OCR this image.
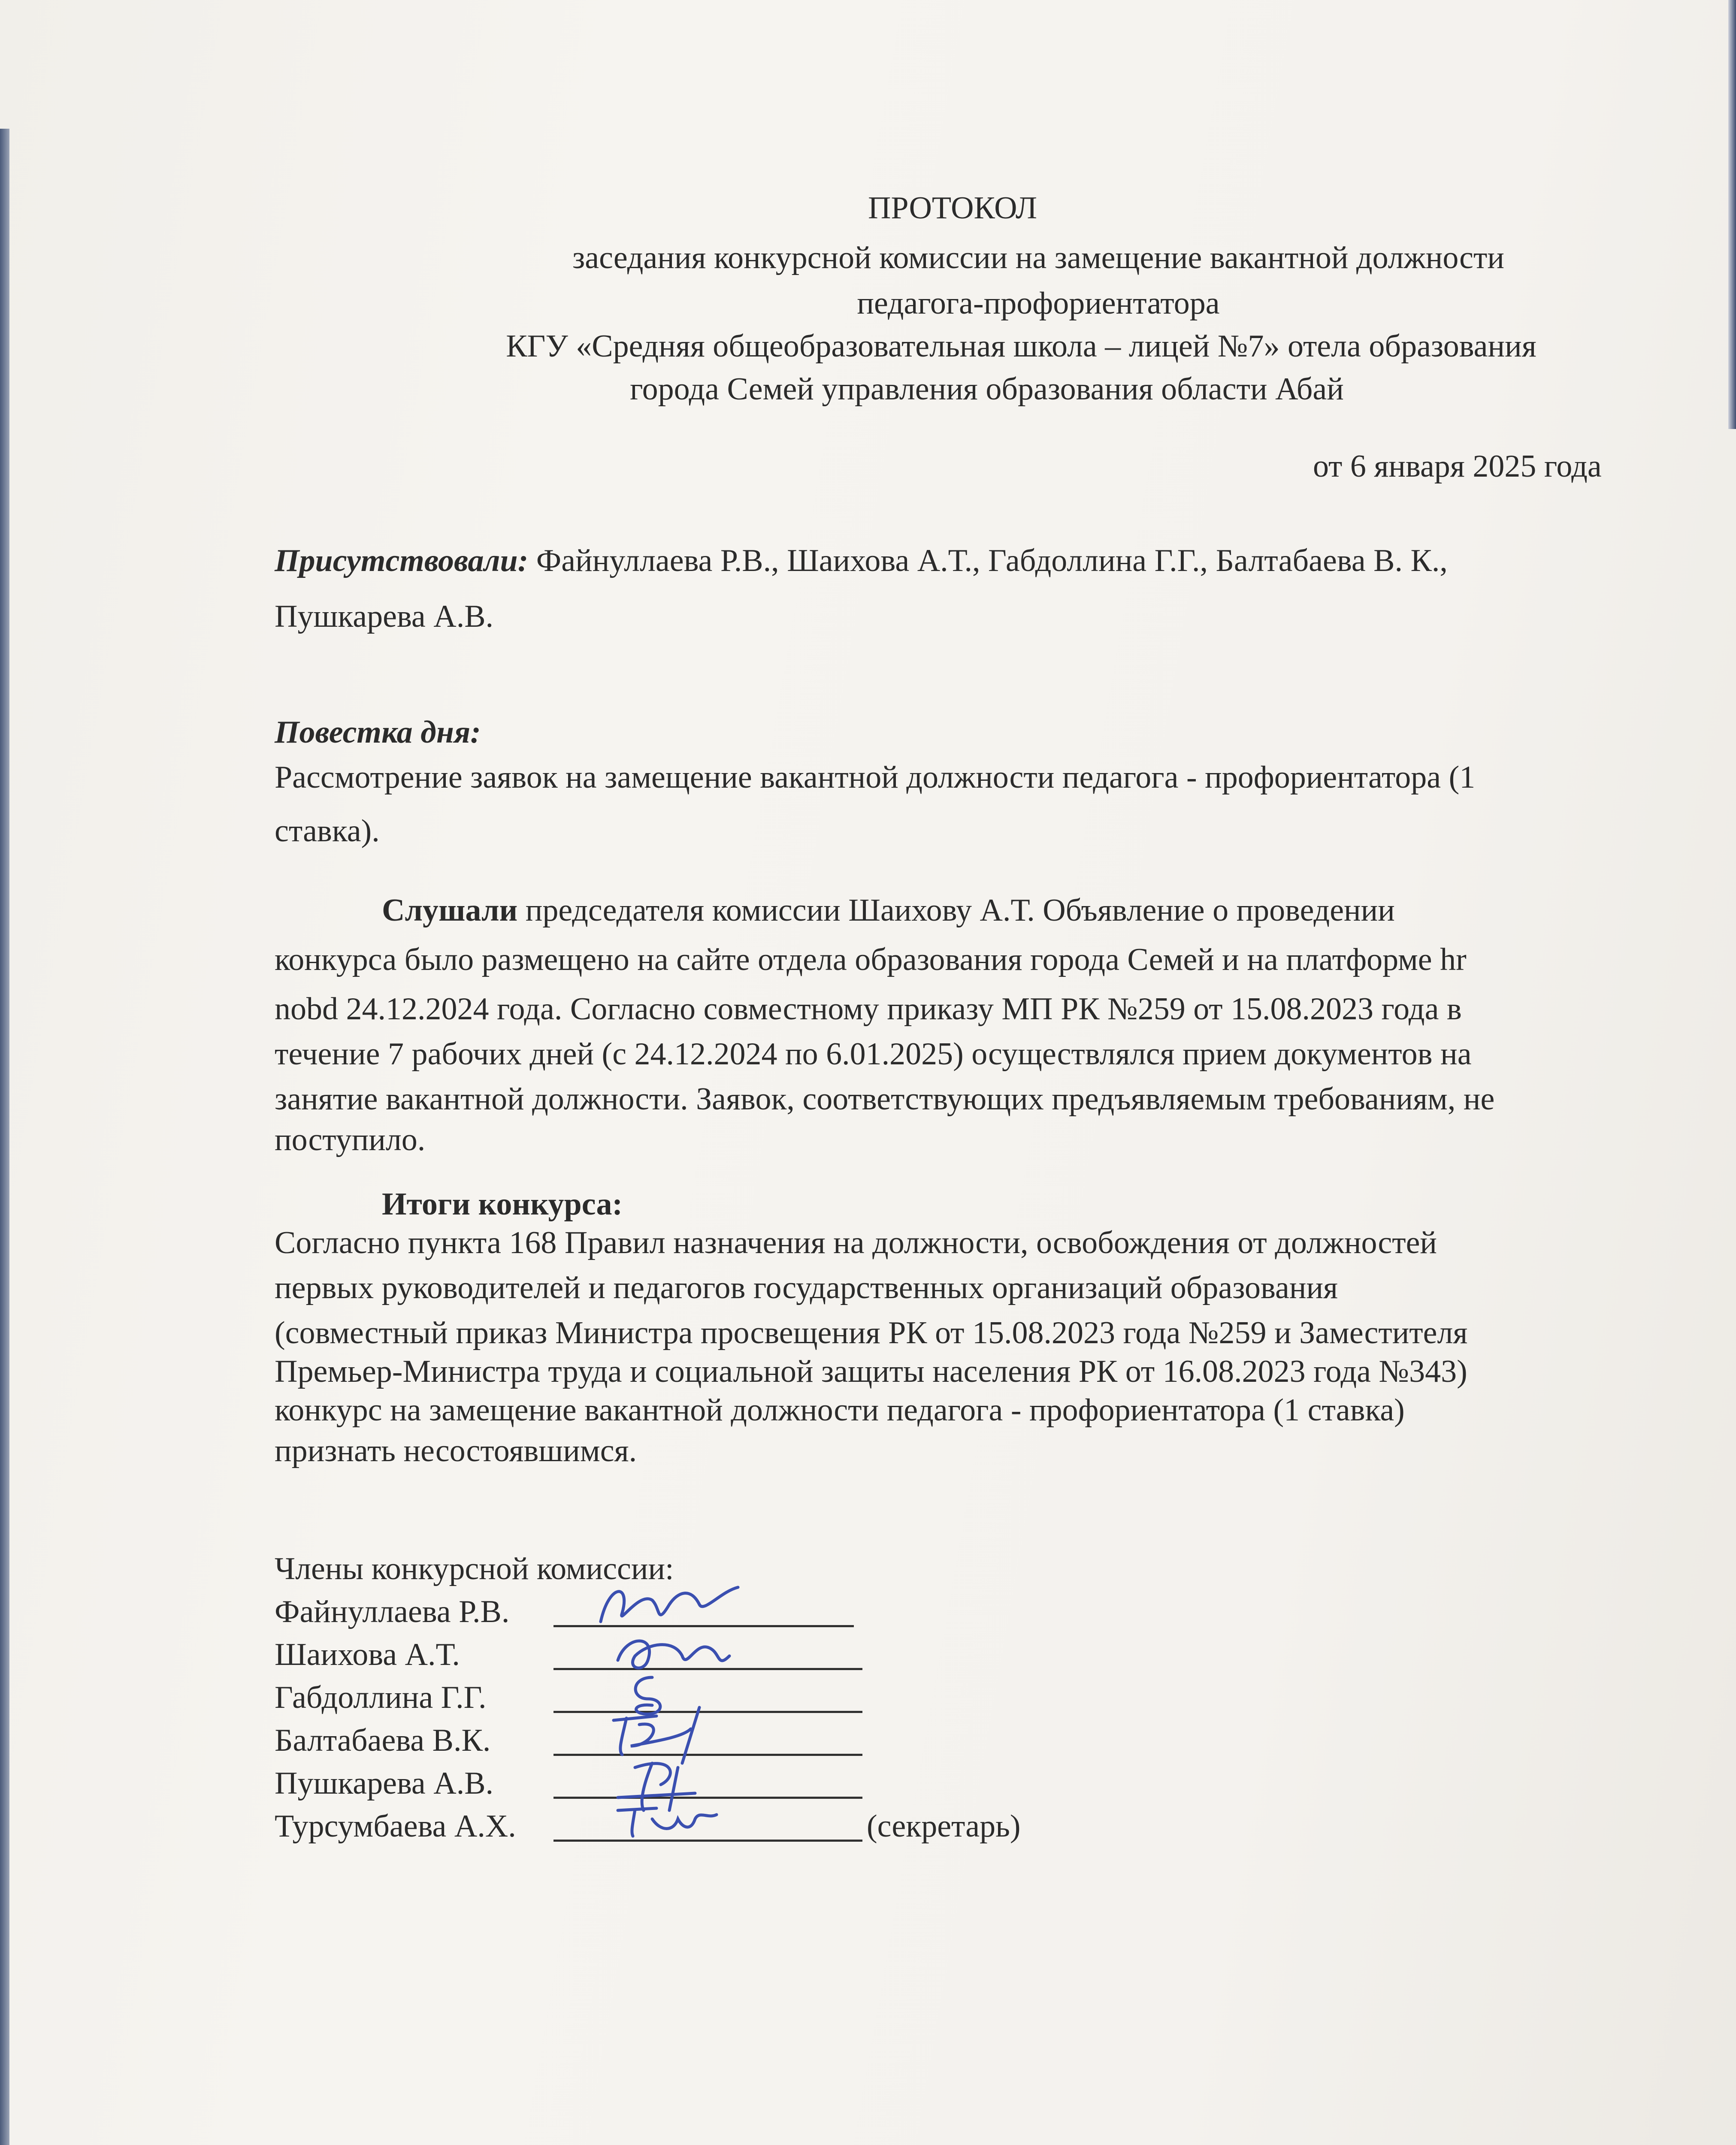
ПРОТОКОЛ

заседания конкурсной комиссии на замещение вакантной должности

педагога-профориентатора

КГУ «Средняя общеобразовательная школа – лицей №7» отела образования

города Семей управления образования области Абай

от 6 января 2025 года

Присутствовали: Файнуллаева Р.В., Шаихова А.Т., Габдоллина Г.Г., Балтабаева В. К.,

Пушкарева А.В.

Повестка дня:

Рассмотрение заявок на замещение вакантной должности педагога - профориентатора (1

ставка).

Слушали председателя комиссии Шаихову А.Т. Объявление о проведении

конкурса было размещено на сайте отдела образования города Семей и на платформе hr

nobd 24.12.2024 года. Согласно совместному приказу МП РК №259 от 15.08.2023 года в

течение 7 рабочих дней (с 24.12.2024 по 6.01.2025) осуществлялся прием документов на

занятие вакантной должности. Заявок, соответствующих предъявляемым требованиям, не

поступило.

Итоги конкурса:

Согласно пункта 168 Правил назначения на должности, освобождения от должностей

первых руководителей и педагогов государственных организаций образования

(совместный приказ Министра просвещения РК от 15.08.2023 года №259 и Заместителя

Премьер-Министра труда и социальной защиты населения РК от 16.08.2023 года №343)

конкурс на замещение вакантной должности педагога - профориентатора (1 ставка)

признать несостоявшимся.

Члены конкурсной комиссии:

Файнуллаева Р.В.

Шаихова А.Т.

Габдоллина Г.Г.

Балтабаева В.К.

Пушкарева А.В.

Турсумбаева А.Х.	(секретарь)
